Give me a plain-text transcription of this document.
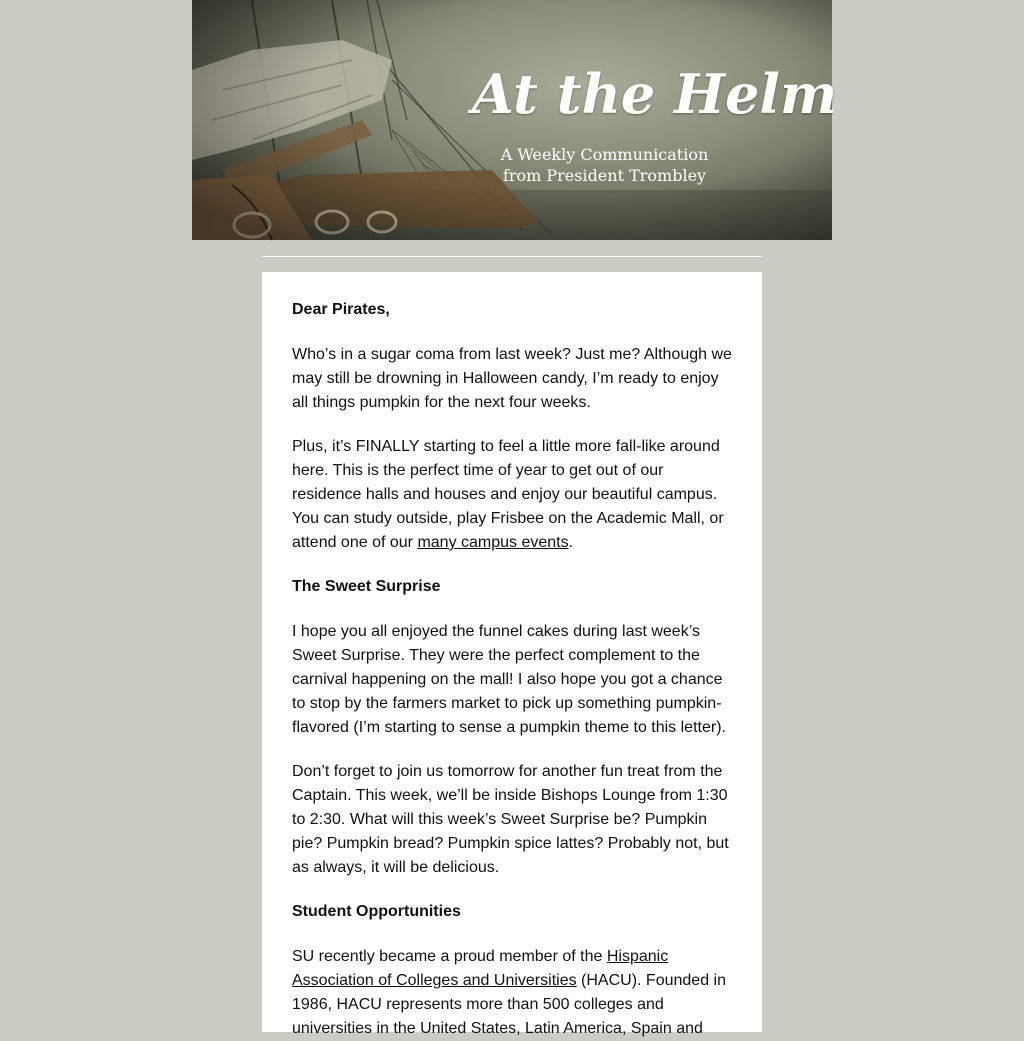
At the Helm
A Weekly Communication
from President Trombley

Dear Pirates,

Who’s in a sugar coma from last week? Just me? Although we may still be drowning in Halloween candy, I’m ready to enjoy all things pumpkin for the next four weeks.

Plus, it’s FINALLY starting to feel a little more fall-like around here. This is the perfect time of year to get out of our residence halls and houses and enjoy our beautiful campus. You can study outside, play Frisbee on the Academic Mall, or attend one of our many campus events.

The Sweet Surprise

I hope you all enjoyed the funnel cakes during last week’s Sweet Surprise. They were the perfect complement to the carnival happening on the mall! I also hope you got a chance to stop by the farmers market to pick up something pumpkin-flavored (I’m starting to sense a pumpkin theme to this letter).

Don’t forget to join us tomorrow for another fun treat from the Captain. This week, we’ll be inside Bishops Lounge from 1:30 to 2:30. What will this week’s Sweet Surprise be? Pumpkin pie? Pumpkin bread? Pumpkin spice lattes? Probably not, but as always, it will be delicious.

Student Opportunities

SU recently became a proud member of the Hispanic Association of Colleges and Universities (HACU). Founded in 1986, HACU represents more than 500 colleges and universities in the United States, Latin America, Spain and
